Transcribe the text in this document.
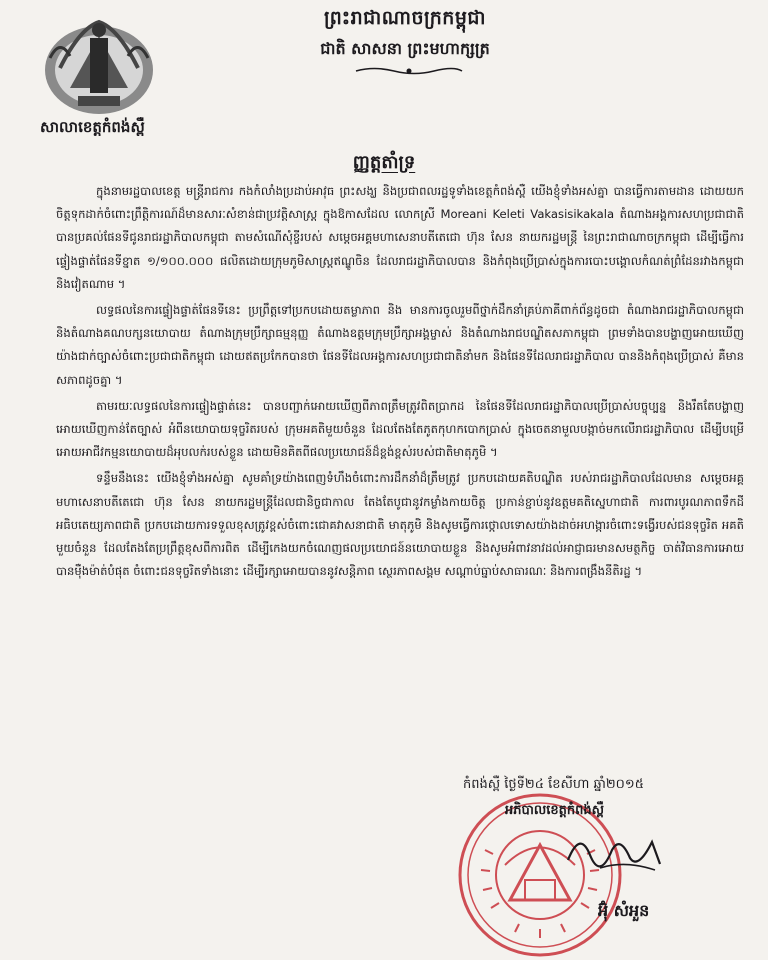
ព្រះរាជាណាចក្រកម្ពុជា
ជាតិ សាសនា ព្រះមហាក្សត្រ
សាលាខេត្តកំពង់ស្ពឺ
ញ្ញត្តតាំទ្រ

ក្នុងនាមរដ្ឋបាលខេត្ត មន្ត្រីរាជការ កងកំលាំងប្រដាប់អាវុធ ព្រះសង្ឃ និងប្រជាពលរដ្ឋទូទាំងខេត្តកំពង់ស្ពឺ យើងខ្ញុំទាំងអស់គ្នា បានធ្វើការតាមដាន ដោយយកចិត្តទុកដាក់ចំពោះព្រឹត្តិការណ៍ដ៏មានសារៈសំខាន់ជាប្រវត្តិសាស្ត្រ ក្នុងឱកាសដែល លោកស្រី Moreani Keleti Vakasisikakala តំណាងអង្គការសហប្រជាជាតិ បានប្រគល់ផែនទីជូនរាជរដ្ឋាភិបាលកម្ពុជា តាមសំណើសុំខ្ចីរបស់ សម្ដេចអគ្គមហាសេនាបតីតេជោ ហ៊ុន សែន នាយករដ្ឋមន្ត្រី នៃព្រះរាជាណាចក្រកម្ពុជា ដើម្បីធ្វើការផ្ទៀងផ្ទាត់ផែនទីខ្នាត ១/១០០.០០០ ផលិតដោយក្រុមភូមិសាស្ត្រឥណ្ឌូចិន ដែលរាជរដ្ឋាភិបាលបាន និងកំពុងប្រើប្រាស់ក្នុងការបោះបង្គោលកំណត់ព្រំដែនរវាងកម្ពុជា និងវៀតណាម ។

លទ្ធផលនៃការផ្ទៀងផ្ទាត់ផែនទីនេះ ប្រព្រឹត្តទៅប្រកបដោយតម្លាភាព និង មានការចូលរួមពីថ្នាក់ដឹកនាំគ្រប់ភាគីពាក់ព័ន្ធដូចជា តំណាងរាជរដ្ឋាភិបាលកម្ពុជា និងតំណាងគណបក្សនយោបាយ តំណាងក្រុមប្រឹក្សាធម្មនុញ្ញ តំណាងឧត្តមក្រុមប្រឹក្សាអង្គម្ចាស់ និងតំណាងរាជបណ្ឌិតសភាកម្ពុជា ព្រមទាំងបានបង្ហាញអោយឃើញយ៉ាងជាក់ច្បាស់ចំពោះប្រជាជាតិកម្ពុជា ដោយឥតប្រកែកបានថា ផែនទីដែលអង្គការសហប្រជាជាតិនាំមក និងផែនទីដែលរាជរដ្ឋាភិបាល បាននិងកំពុងប្រើប្រាស់ គឺមានសភាពដូចគ្នា ។

តាមរយៈលទ្ធផលនៃការផ្ទៀងផ្ទាត់នេះ បានបញ្ជាក់អោយឃើញពីភាពត្រឹមត្រូវពិតប្រាកដ នៃផែនទីដែលរាជរដ្ឋាភិបាលប្រើប្រាស់បច្ចុប្បន្ន និងរឹតតែបង្ហាញអោយឃើញកាន់តែច្បាស់ អំពីនយោបាយទុច្ចរិតរបស់ ក្រុមអគតិមួយចំនួន ដែលតែងតែភូតកុហកបោកប្រាស់ ក្នុងចេតនាមួលបង្កាច់មកលើរាជរដ្ឋាភិបាល ដើម្បីបម្រើ អោយអាជីវកម្មនយោបាយដ៏អុបលក់របស់ខ្លួន ដោយមិនគិតពីផលប្រយោជន៍ដ៏ខ្ពង់ខ្ពស់របស់ជាតិមាតុភូមិ ។

ទន្ទឹមនឹងនេះ យើងខ្ញុំទាំងអស់គ្នា សូមគាំទ្រយ៉ាងពេញទំហឹងចំពោះការដឹកនាំដ៏ត្រឹមត្រូវ ប្រកបដោយគតិបណ្ឌិត របស់រាជរដ្ឋាភិបាលដែលមាន សម្ដេចអគ្គមហាសេនាបតីតេជោ ហ៊ុន សែន នាយករដ្ឋមន្ត្រីដែលជានិច្ចជាកាល តែងតែបូជានូវកម្លាំងកាយចិត្ត ប្រកាន់ខ្ជាប់នូវឧត្តមគតិស្នេហាជាតិ ការពារបូរណភាពទឹកដី អធិបតេយ្យភាពជាតិ ប្រកបដោយការទទួលខុសត្រូវខ្ពស់ចំពោះជោគវាសនាជាតិ មាតុភូមិ និងសូមធ្វើការថ្កោលទោសយ៉ាងដាច់អហង្ការចំពោះទង្វើរបស់ជនទុច្ចរិត អគតិមួយចំនួន ដែលតែងតែប្រព្រឹត្តខុសពីការពិត ដើម្បីកេងយកចំណេញផលប្រយោជន៍នយោបាយខ្លួន និងសូមអំពាវនាវដល់អាជ្ញាធរមានសមត្ថកិច្ច ចាត់វិធានការអោយបានម៉ឺងម៉ាត់បំផុត ចំពោះជនទុច្ចរិតទាំងនោះ ដើម្បីរក្សាអោយបាននូវសន្តិភាព ស្ថេរភាពសង្គម សណ្ដាប់ធ្នាប់សាធារណៈ និងការពង្រឹងនីតិរដ្ឋ ។

កំពង់ស្ពឺ ថ្ងៃទី២៤ ខែសីហា ឆ្នាំ២០១៥
អភិបាលខេត្តកំពង់ស្ពឺ
អ៊ុំ សំអួន
